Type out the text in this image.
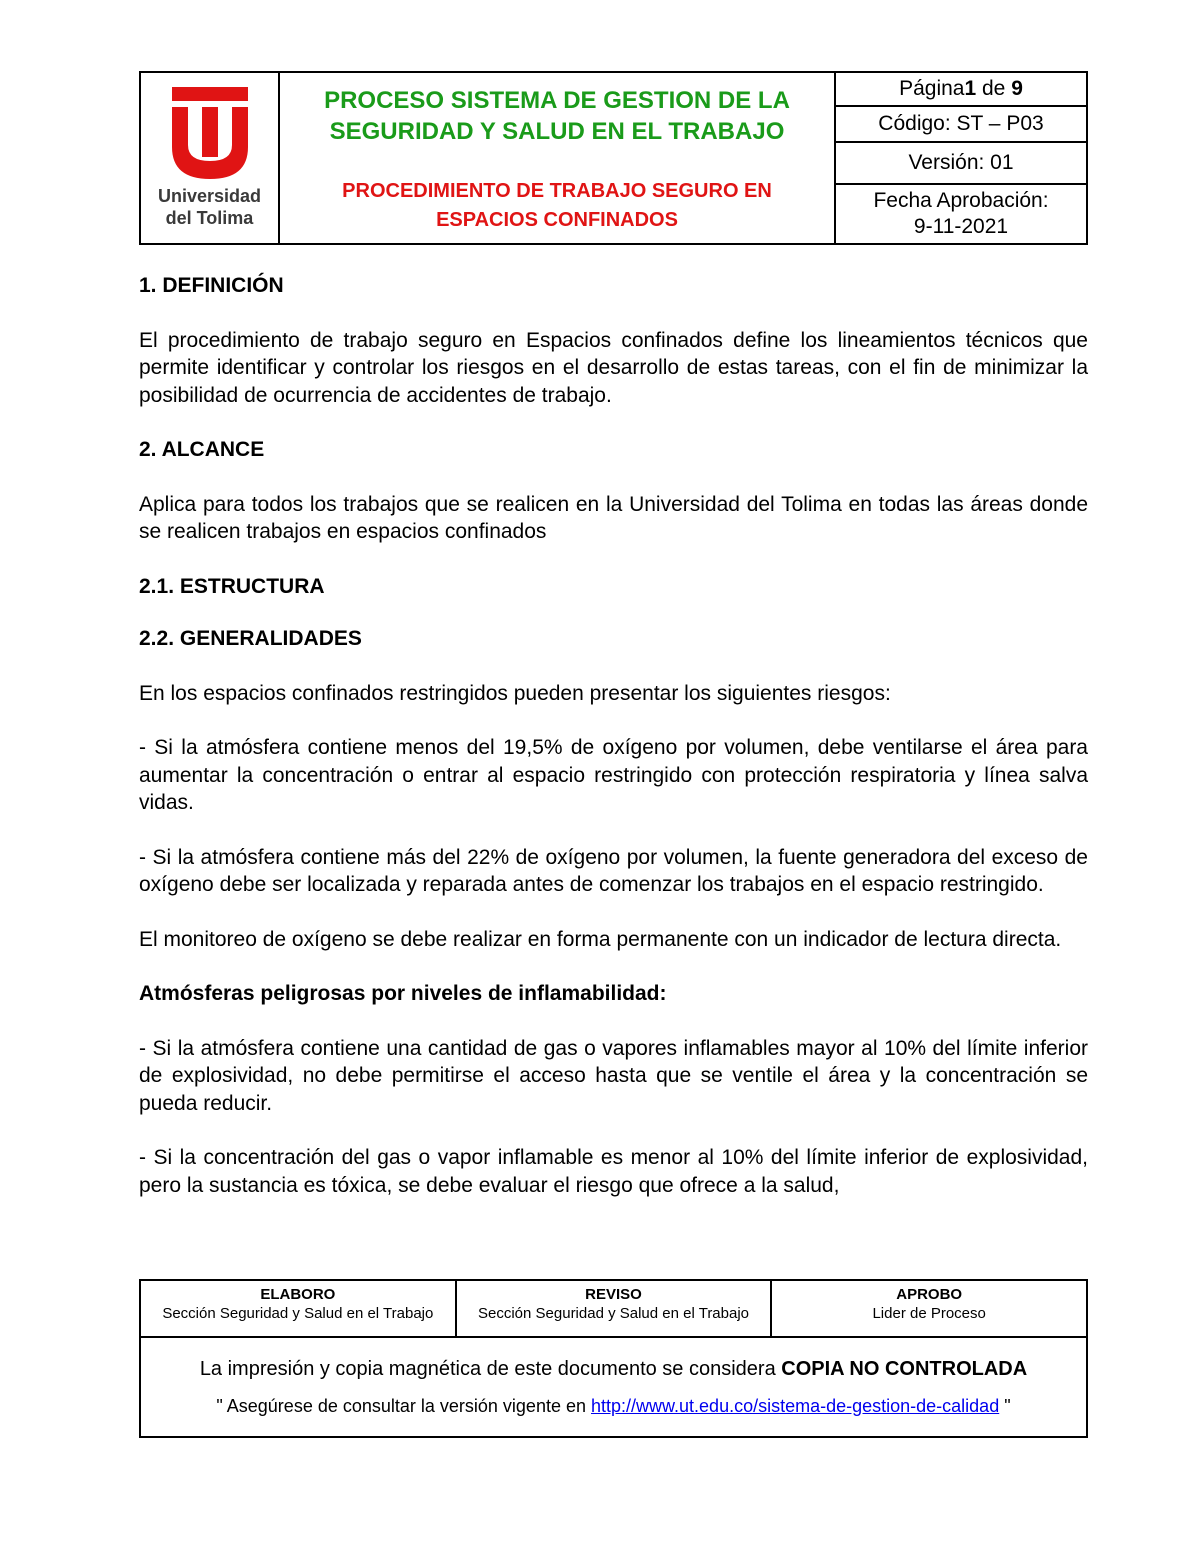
Universidad
del Tolima
PROCESO SISTEMA DE GESTION DE LA
SEGURIDAD Y SALUD EN EL TRABAJO
PROCEDIMIENTO DE TRABAJO SEGURO EN
ESPACIOS CONFINADOS
Página 1 de 9
Código: ST – P03
Versión: 01
Fecha Aprobación:
9-11-2021
1. DEFINICIÓN

El procedimiento de trabajo seguro en Espacios confinados define los lineamientos técnicos que permite identificar y controlar los riesgos en el desarrollo de estas tareas, con el fin de minimizar la posibilidad de ocurrencia de accidentes de trabajo.

2. ALCANCE

Aplica para todos los trabajos que se realicen en la Universidad del Tolima en todas las áreas donde se realicen trabajos en espacios confinados

2.1. ESTRUCTURA
2.2. GENERALIDADES

En los espacios confinados restringidos pueden presentar los siguientes riesgos:

- Si la atmósfera contiene menos del 19,5% de oxígeno por volumen, debe ventilarse el área para aumentar la concentración o entrar al espacio restringido con protección respiratoria y línea salva vidas.

- Si la atmósfera contiene más del 22% de oxígeno por volumen, la fuente generadora del exceso de oxígeno debe ser localizada y reparada antes de comenzar los trabajos en el espacio restringido.

El monitoreo de oxígeno se debe realizar en forma permanente con un indicador de lectura directa.

Atmósferas peligrosas por niveles de inflamabilidad:

- Si la atmósfera contiene una cantidad de gas o vapores inflamables mayor al 10% del límite inferior de explosividad, no debe permitirse el acceso hasta que se ventile el área y la concentración se pueda reducir.

- Si la concentración del gas o vapor inflamable es menor al 10% del límite inferior de explosividad, pero la sustancia es tóxica, se debe evaluar el riesgo que ofrece a la salud,

ELABORO
Sección Seguridad y Salud en el Trabajo
REVISO
Sección Seguridad y Salud en el Trabajo
APROBO
Lider de Proceso
La impresión y copia magnética de este documento se considera COPIA NO CONTROLADA
" Asegúrese de consultar la versión vigente en http://www.ut.edu.co/sistema-de-gestion-de-calidad "
